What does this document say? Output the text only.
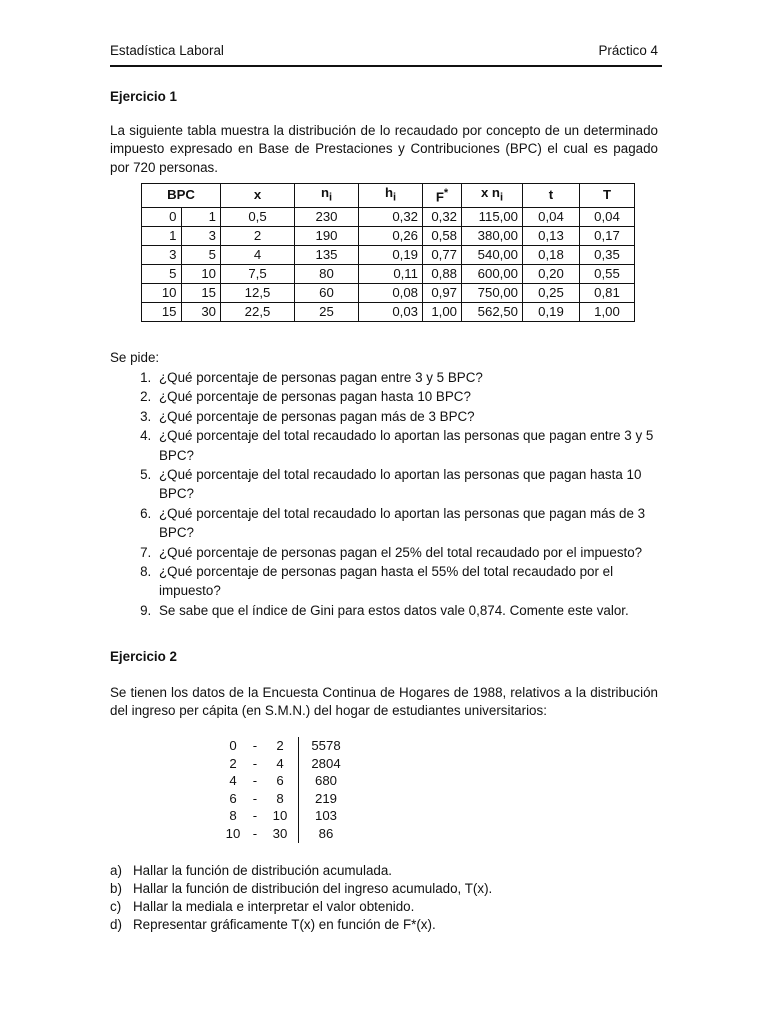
Estadística Laboral	Práctico 4
Ejercicio 1
La siguiente tabla muestra la distribución de lo recaudado por concepto de un determinado impuesto expresado en Base de Prestaciones y Contribuciones (BPC) el cual es pagado por 720 personas.
BPC		x	$n_i$	$h_i$	F*	x $n_i$	t	T
0	1	0,5	230	0,32	0,32	115,00	0,04	0,04
1	3	2	190	0,26	0,58	380,00	0,13	0,17
3	5	4	135	0,19	0,77	540,00	0,18	0,35
5	10	7,5	80	0,11	0,88	600,00	0,20	0,55
10	15	12,5	60	0,08	0,97	750,00	0,25	0,81
15	30	22,5	25	0,03	1,00	562,50	0,19	1,00
Se pide:
1. ¿Qué porcentaje de personas pagan entre 3 y 5 BPC?
2. ¿Qué porcentaje de personas pagan hasta 10 BPC?
3. ¿Qué porcentaje de personas pagan más de 3 BPC?
4. ¿Qué porcentaje del total recaudado lo aportan las personas que pagan entre 3 y 5 BPC?
5. ¿Qué porcentaje del total recaudado lo aportan las personas que pagan hasta 10 BPC?
6. ¿Qué porcentaje del total recaudado lo aportan las personas que pagan más de 3 BPC?
7. ¿Qué porcentaje de personas pagan el 25% del total recaudado por el impuesto?
8. ¿Qué porcentaje de personas pagan hasta el 55% del total recaudado por el impuesto?
9. Se sabe que el índice de Gini para estos datos vale 0,874. Comente este valor.
Ejercicio 2
Se tienen los datos de la Encuesta Continua de Hogares de 1988, relativos a la distribución del ingreso per cápita (en S.M.N.) del hogar de estudiantes universitarios:
0	-	2	5578
2	-	4	2804
4	-	6	680
6	-	8	219
8	-	10	103
10	-	30	86
a) Hallar la función de distribución acumulada.
b) Hallar la función de distribución del ingreso acumulado, T(x).
c) Hallar la mediala e interpretar el valor obtenido.
d) Representar gráficamente T(x) en función de F*(x).
